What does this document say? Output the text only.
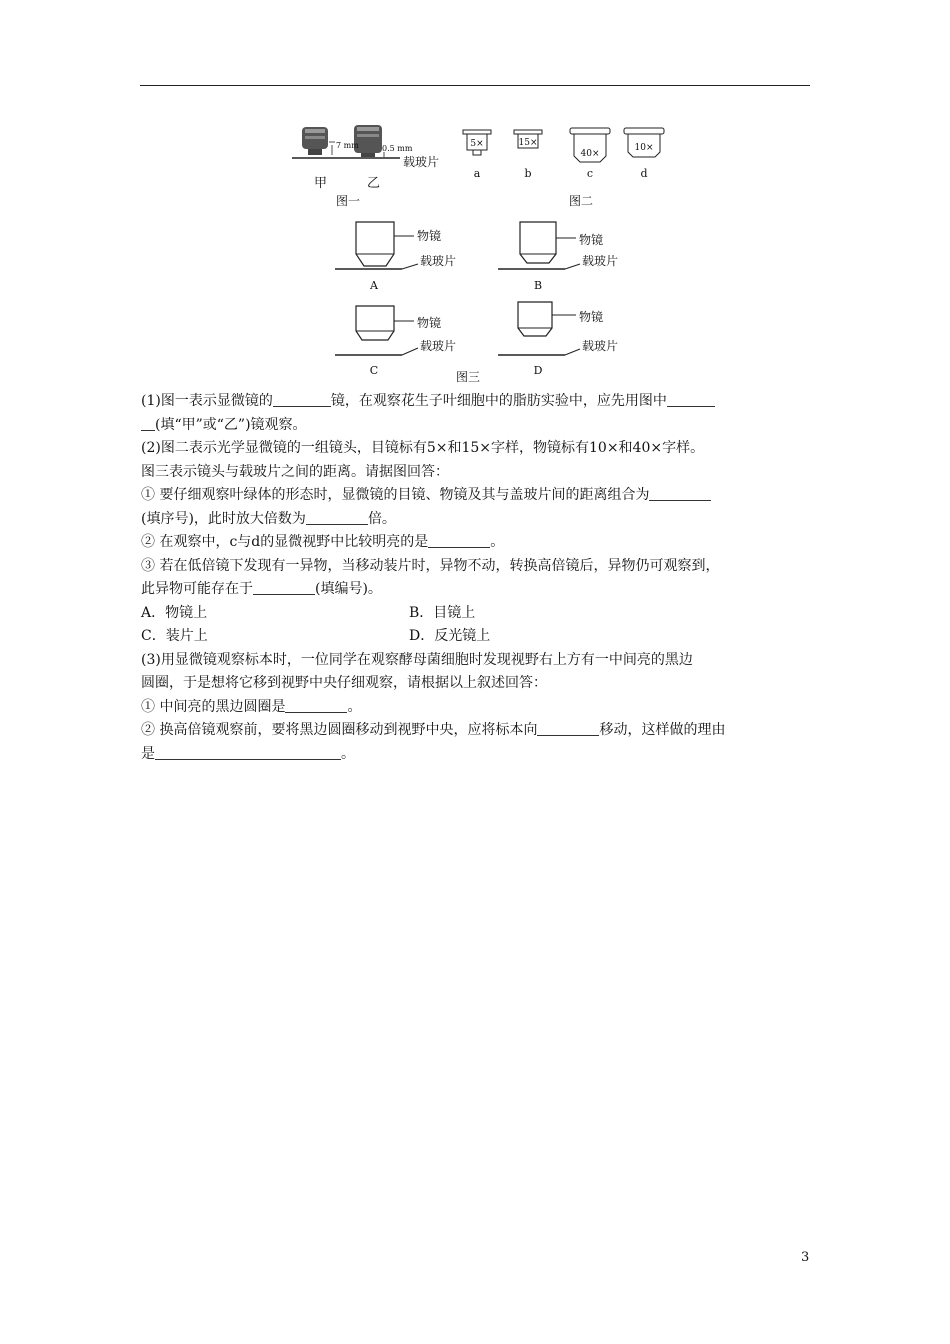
7 mm	0.5 mm
载玻片
甲	乙
图一
5×	15×
40×
10×
a	b	c	d
图二
物镜
载玻片
A
物镜
载玻片
B
物镜
载玻片
C
物镜
载玻片
D
图三
(1)图一表示显微镜的	镜，在观察花生子叶细胞中的脂肪实验中，应先用图中
(填“甲”或“乙”)镜观察。
(2)图二表示光学显微镜的一组镜头，目镜标有5×和15×字样，物镜标有10×和40×字样。
图三表示镜头与载玻片之间的距离。请据图回答：
① 要仔细观察叶绿体的形态时，显微镜的目镜、物镜及其与盖玻片间的距离组合为
(填序号)，此时放大倍数为	倍。
② 在观察中，c与d的显微视野中比较明亮的是	。
③ 若在低倍镜下发现有一异物，当移动装片时，异物不动，转换高倍镜后，异物仍可观察到，
此异物可能存在于	(填编号)。
A．物镜上	B．目镜上
C．装片上	D．反光镜上
(3)用显微镜观察标本时，一位同学在观察酵母菌细胞时发现视野右上方有一中间亮的黑边
圆圈，于是想将它移到视野中央仔细观察，请根据以上叙述回答：
① 中间亮的黑边圆圈是	。
② 换高倍镜观察前，要将黑边圆圈移动到视野中央，应将标本向	移动，这样做的理由
是	。
3
